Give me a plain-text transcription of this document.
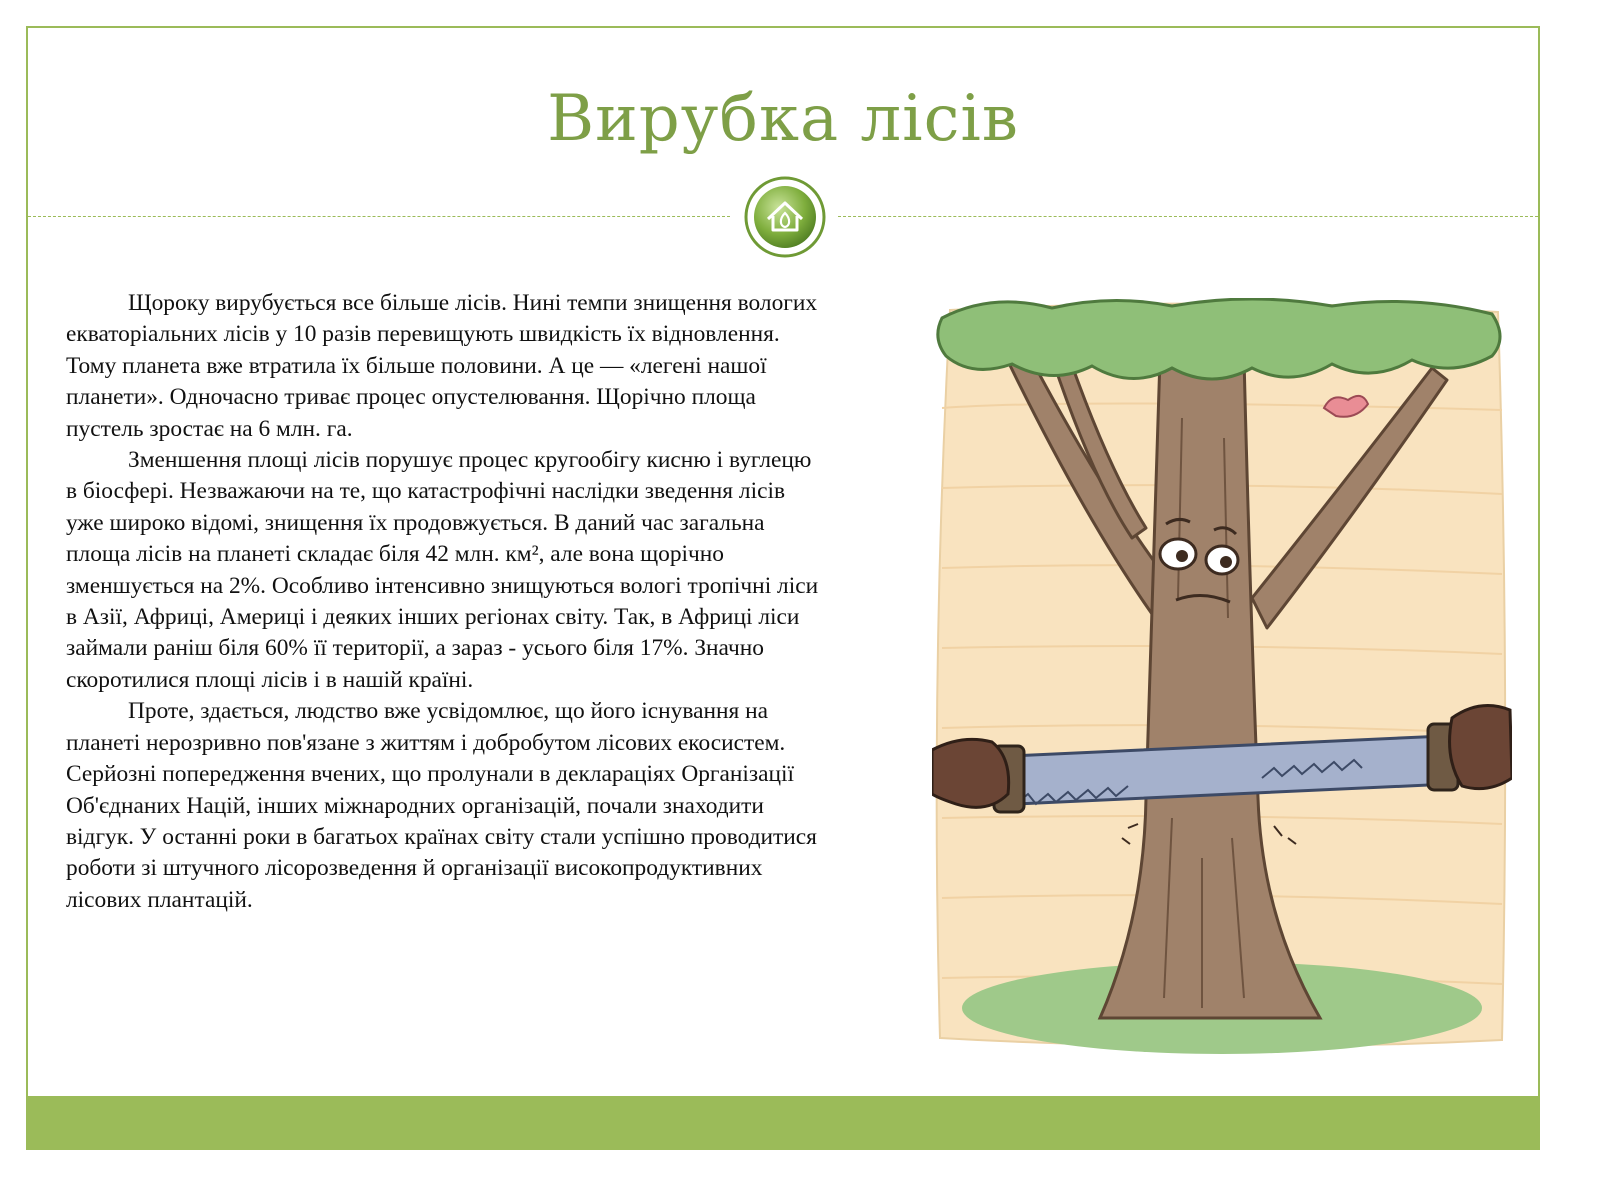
Вирубка лісів

Щороку вирубується все більше лісів. Нині темпи знищення вологих екваторіальних лісів у 10 разів перевищують швидкість їх відновлення. Тому планета вже втратила їх більше половини. А це — «легені нашої планети». Одночасно триває процес опустелювання. Щорічно площа пустель зростає на 6 млн. га.

Зменшення площі лісів порушує процес кругообігу кисню і вуглецю в біосфері. Незважаючи на те, що катастрофічні наслідки зведення лісів уже широко відомі, знищення їх продовжується. В даний час загальна площа лісів на планеті складає біля 42 млн. км², але вона щорічно зменшується на 2%. Особливо інтенсивно знищуються вологі тропічні ліси в Азії, Африці, Америці і деяких інших регіонах світу. Так, в Африці ліси займали раніш біля 60% її території, а зараз - усього біля 17%. Значно скоротилися площі лісів і в нашій країні.

Проте, здається, людство вже усвідомлює, що його існування на планеті нерозривно пов'язане з життям і добробутом лісових екосистем. Серйозні попередження вчених, що пролунали в деклараціях Організації Об'єднаних Націй, інших міжнародних організацій, почали знаходити відгук. У останні роки в багатьох країнах світу стали успішно проводитися роботи зі штучного лісорозведення й організації високопродуктивних лісових плантацій.
